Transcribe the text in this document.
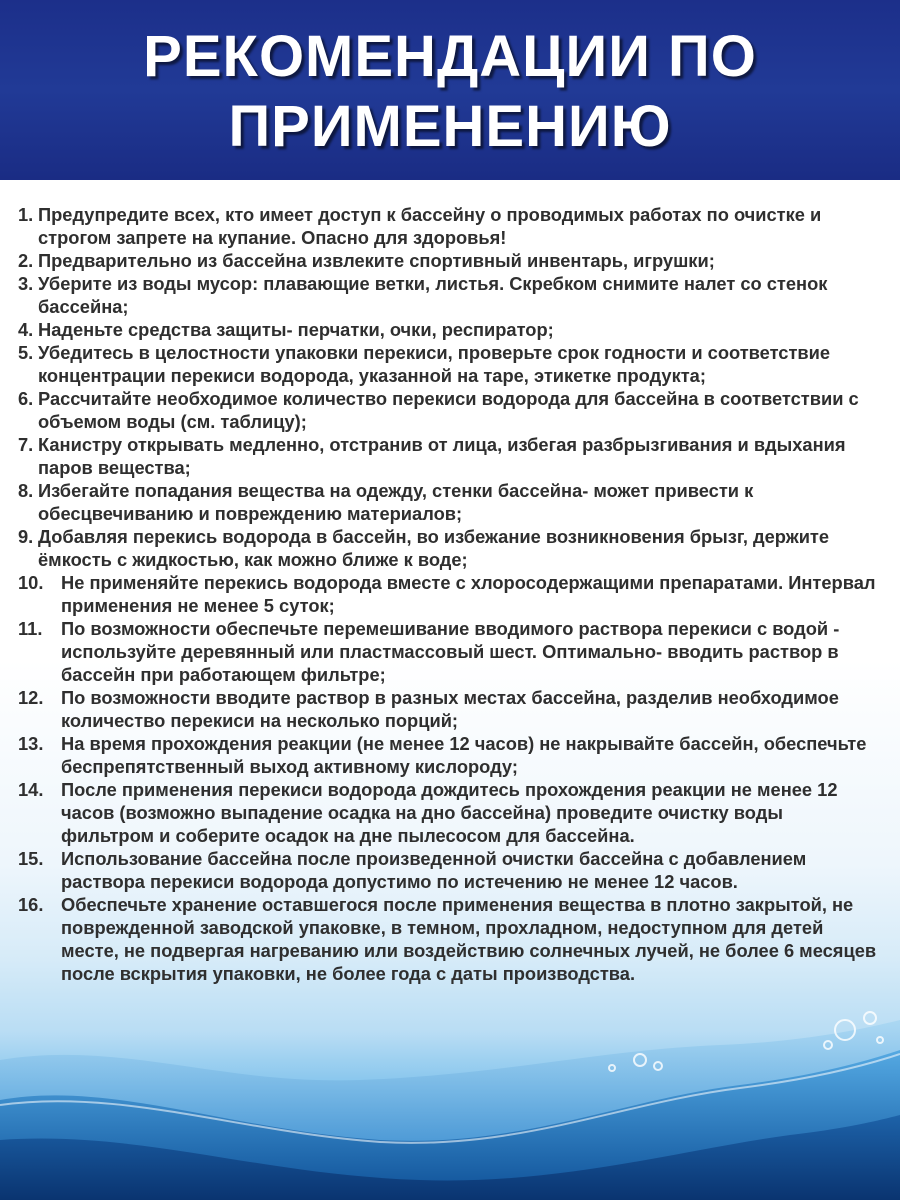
РЕКОМЕНДАЦИИ ПО
ПРИМЕНЕНИЮ
1. Предупредите всех, кто имеет доступ к бассейну о проводимых работах по очистке и строгом запрете на купание. Опасно для здоровья!
2. Предварительно из бассейна извлеките спортивный инвентарь, игрушки;
3. Уберите из воды мусор: плавающие ветки, листья. Скребком снимите налет со стенок бассейна;
4. Наденьте средства защиты- перчатки, очки, респиратор;
5. Убедитесь в целостности упаковки перекиси, проверьте срок годности и соответствие концентрации перекиси водорода, указанной на таре, этикетке продукта;
6. Рассчитайте необходимое количество перекиси водорода для бассейна в соответствии с объемом воды (см. таблицу);
7. Канистру открывать медленно, отстранив от лица, избегая разбрызгивания и вдыхания паров вещества;
8. Избегайте попадания вещества на одежду, стенки бассейна- может привести к обесцвечиванию и повреждению материалов;
9. Добавляя перекись водорода в бассейн, во избежание возникновения брызг, держите ёмкость с жидкостью, как можно ближе к воде;
10. Не применяйте перекись водорода вместе с хлоросодержащими препаратами. Интервал применения не менее 5 суток;
11.	По возможности обеспечьте перемешивание вводимого раствора перекиси с водой - используйте деревянный или пластмассовый шест. Оптимально- вводить раствор в бассейн при работающем фильтре;
12. По возможности вводите раствор в разных местах бассейна, разделив необходимое количество перекиси на несколько порций;
13. На время прохождения реакции (не менее 12 часов) не накрывайте бассейн, обеспечьте беспрепятственный выход активному кислороду;
14. После применения перекиси водорода дождитесь прохождения реакции не менее 12 часов (возможно выпадение осадка на дно бассейна) проведите очистку воды фильтром и соберите осадок на дне пылесосом для бассейна.
15. Использование бассейна после произведенной очистки бассейна с добавлением раствора перекиси водорода допустимо по истечению не менее 12 часов.
16. Обеспечьте хранение оставшегося после применения вещества в плотно закрытой, не поврежденной заводской упаковке, в темном, прохладном, недоступном для детей месте, не подвергая нагреванию или воздействию солнечных лучей, не более 6 месяцев после вскрытия упаковки, не более года с даты производства.
